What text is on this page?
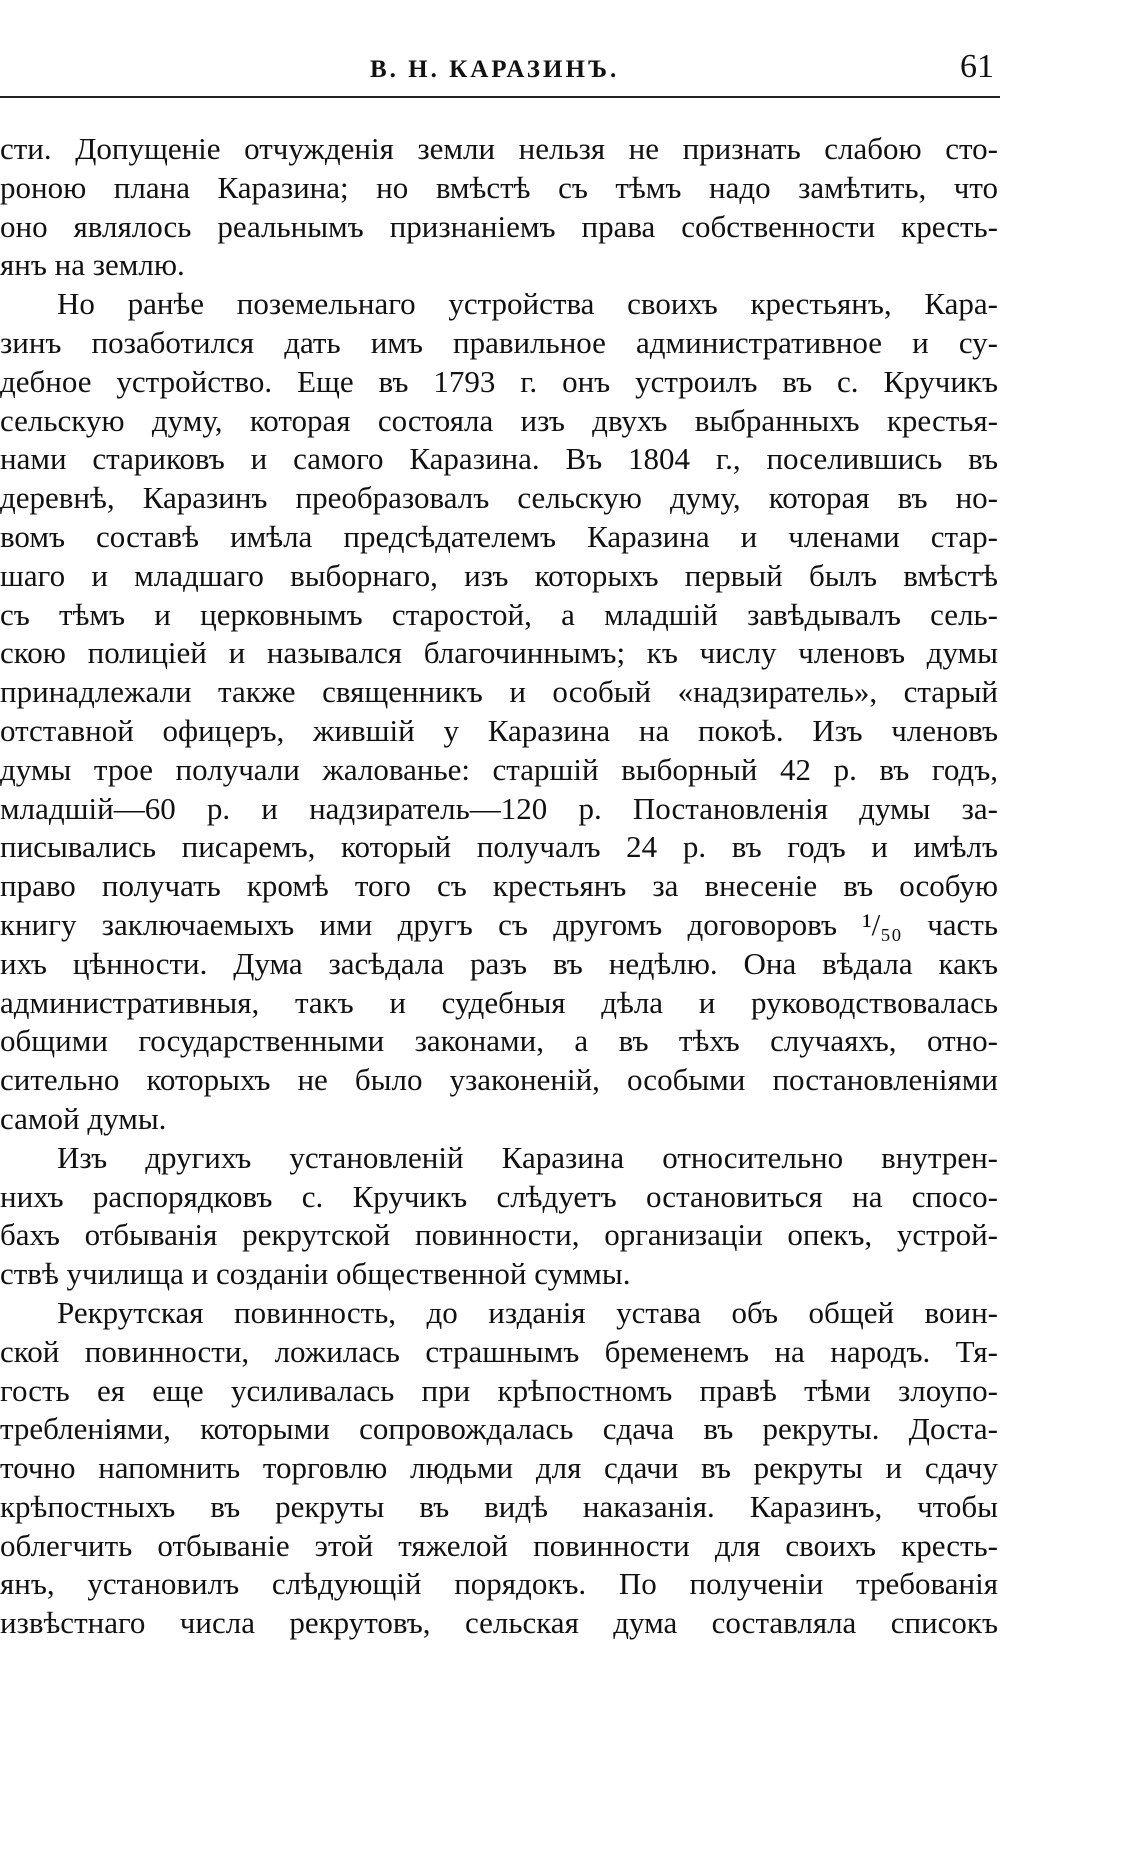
В. Н. КАРАЗИНЪ.	61
сти. Допущеніе отчужденія земли нельзя не признать слабою сто-
роною плана Каразина; но вмѣстѣ съ тѣмъ надо замѣтить, что
оно являлось реальнымъ признаніемъ права собственности кресть-
янъ на землю.
Но ранѣе поземельнаго устройства своихъ крестьянъ, Кара-
зинъ позаботился дать имъ правильное административное и су-
дебное устройство. Еще въ 1793 г. онъ устроилъ въ с. Кручикъ
сельскую думу, которая состояла изъ двухъ выбранныхъ крестья-
нами стариковъ и самого Каразина. Въ 1804 г., поселившись въ
деревнѣ, Каразинъ преобразовалъ сельскую думу, которая въ но-
вомъ составѣ имѣла предсѣдателемъ Каразина и членами стар-
шаго и младшаго выборнаго, изъ которыхъ первый былъ вмѣстѣ
съ тѣмъ и церковнымъ старостой, а младшій завѣдывалъ сель-
скою полиціей и назывался благочиннымъ; къ числу членовъ думы
принадлежали также священникъ и особый «надзиратель», старый
отставной офицеръ, жившій у Каразина на покоѣ. Изъ членовъ
думы трое получали жалованье: старшій выборный 42 р. въ годъ,
младшій—60 р. и надзиратель—120 р. Постановленія думы за-
писывались писаремъ, который получалъ 24 р. въ годъ и имѣлъ
право получать кромѣ того съ крестьянъ за внесеніе въ особую
книгу заключаемыхъ ими другъ съ другомъ договоровъ ¹/₅₀ часть
ихъ цѣнности. Дума засѣдала разъ въ недѣлю. Она вѣдала какъ
административныя, такъ и судебныя дѣла и руководствовалась
общими государственными законами, а въ тѣхъ случаяхъ, отно-
сительно которыхъ не было узаконеній, особыми постановленіями
самой думы.
Изъ другихъ установленій Каразина относительно внутрен-
нихъ распорядковъ с. Кручикъ слѣдуетъ остановиться на спосо-
бахъ отбыванія рекрутской повинности, организаціи опекъ, устрой-
ствѣ училища и созданіи общественной суммы.
Рекрутская повинность, до изданія устава объ общей воин-
ской повинности, ложилась страшнымъ бременемъ на народъ. Тя-
гость ея еще усиливалась при крѣпостномъ правѣ тѣми злоупо-
требленіями, которыми сопровождалась сдача въ рекруты. Доста-
точно напомнить торговлю людьми для сдачи въ рекруты и сдачу
крѣпостныхъ въ рекруты въ видѣ наказанія. Каразинъ, чтобы
облегчить отбываніе этой тяжелой повинности для своихъ кресть-
янъ, установилъ слѣдующій порядокъ. По полученіи требованія
извѣстнаго числа рекрутовъ, сельская дума составляла списокъ
